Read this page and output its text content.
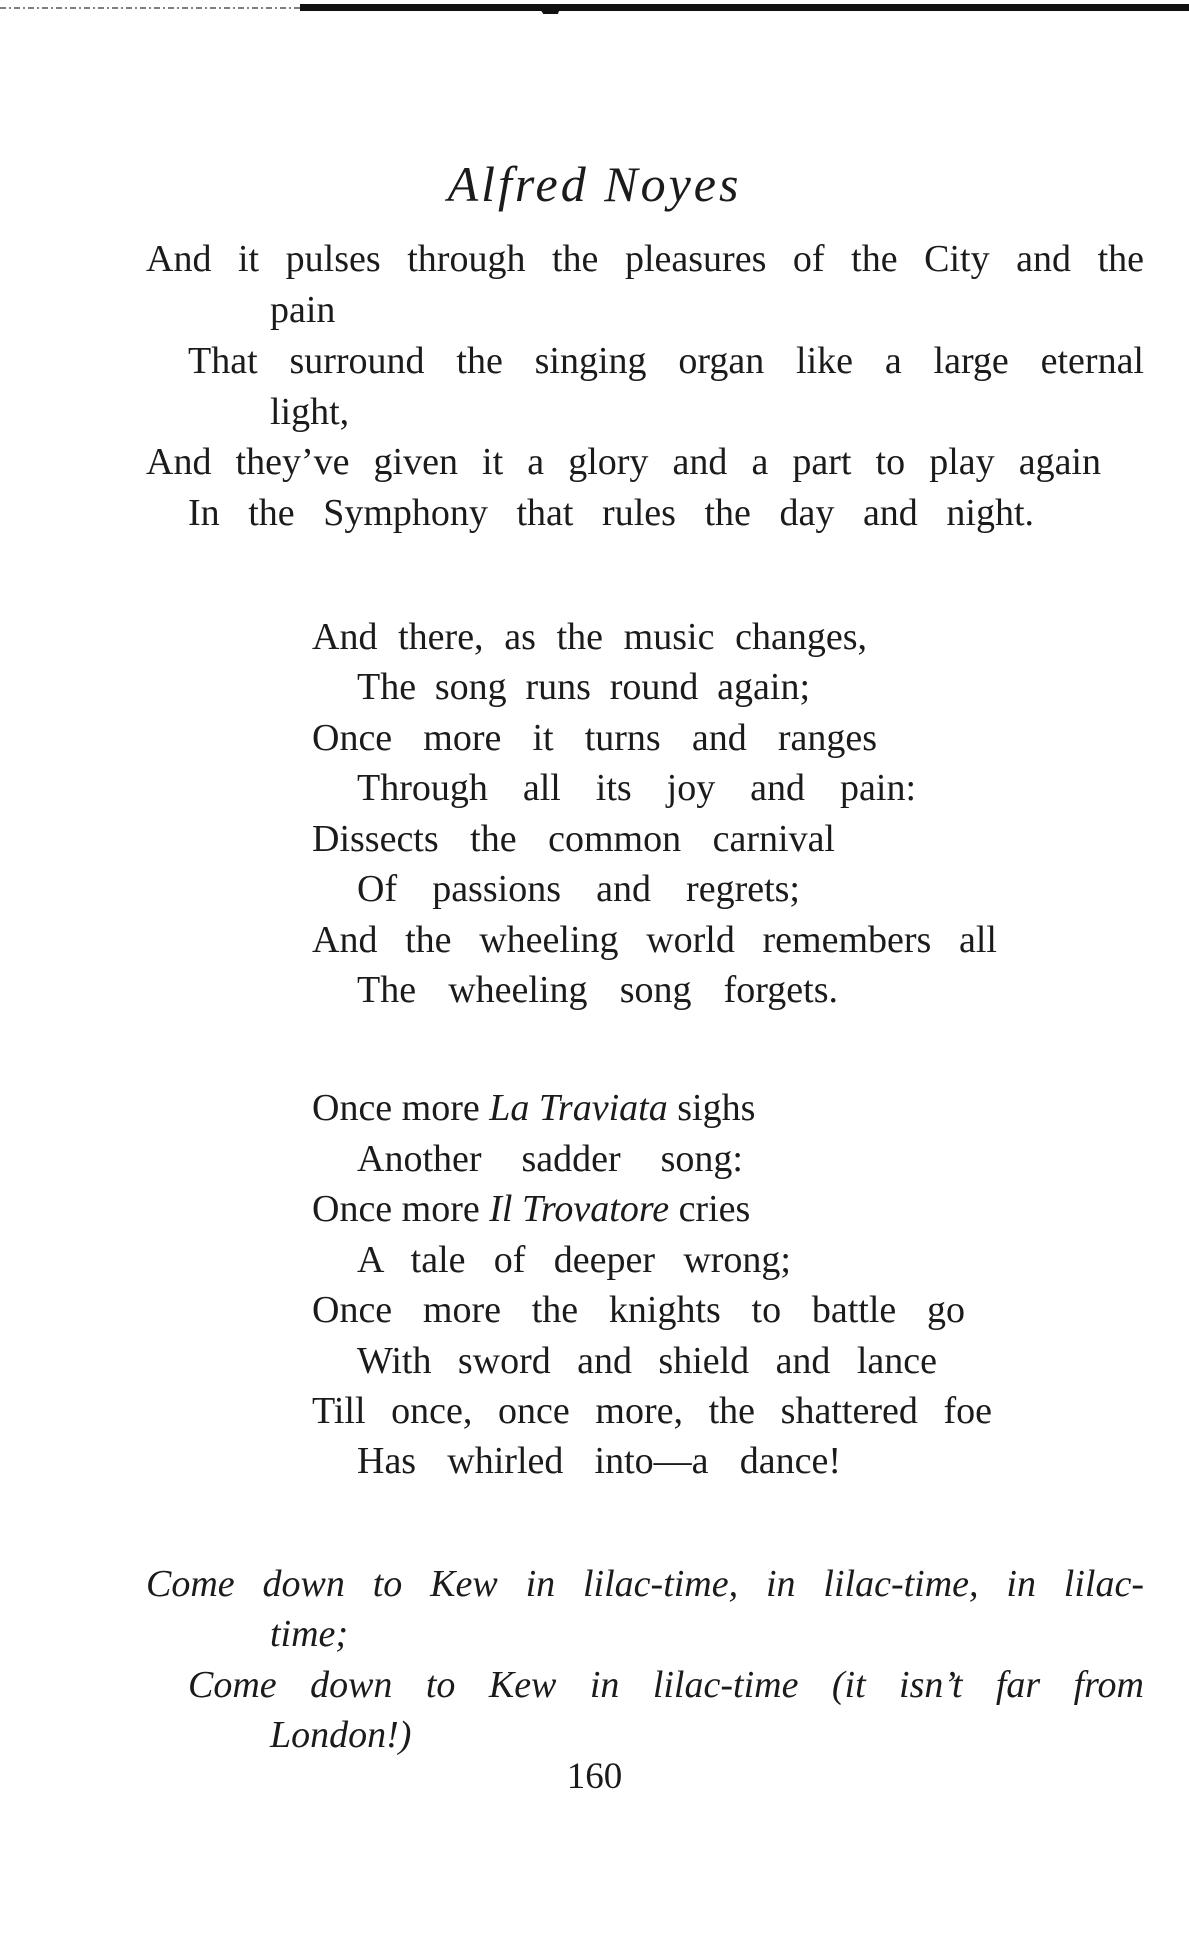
Alfred Noyes
And it pulses through the pleasures of the City and the
pain
That surround the singing organ like a large eternal
light,
And they’ve given it a glory and a part to play again
In the Symphony that rules the day and night.
And there, as the music changes,
The song runs round again;
Once more it turns and ranges
Through all its joy and pain:
Dissects the common carnival
Of passions and regrets;
And the wheeling world remembers all
The wheeling song forgets.
Once more La Traviata sighs
Another sadder song:
Once more Il Trovatore cries
A tale of deeper wrong;
Once more the knights to battle go
With sword and shield and lance
Till once, once more, the shattered foe
Has whirled into—a dance!
Come down to Kew in lilac-time, in lilac-time, in lilac-
time;
Come down to Kew in lilac-time (it isn’t far from
London!)
160
